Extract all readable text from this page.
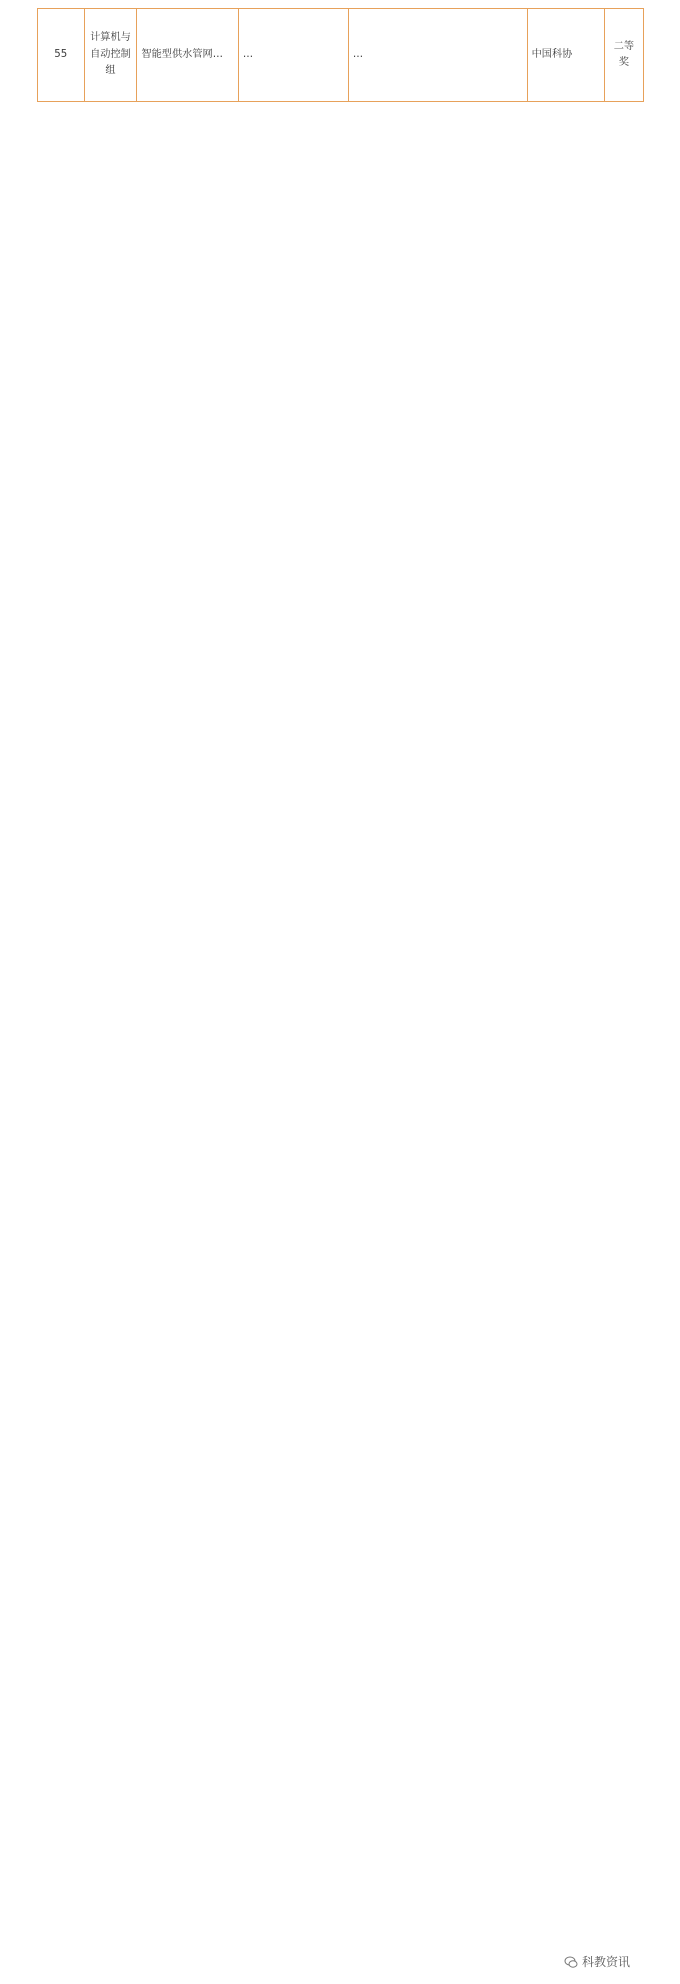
55	计算机与自动控制组	智能型供水管网…	…	…	中国科协	二等奖
科教资讯
